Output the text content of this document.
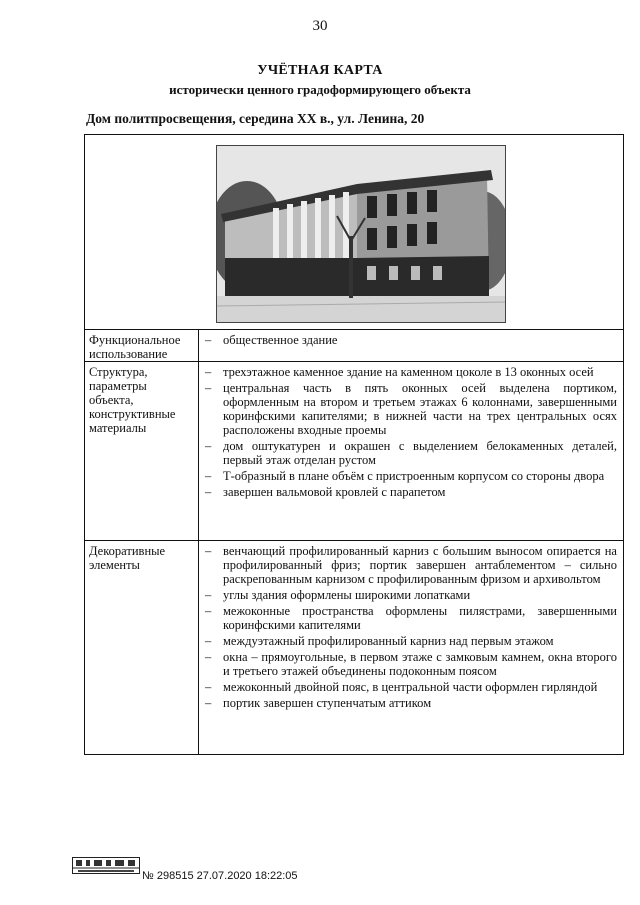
30
УЧЁТНАЯ КАРТА
исторически ценного градоформирующего объекта
Дом политпросвещения, середина XX в., ул. Ленина, 20
Функциональное использование
– общественное здание
Структура, параметры объекта, конструктивные материалы
– трехэтажное каменное здание на каменном цоколе в 13 оконных осей
– центральная часть в пять оконных осей выделена портиком, оформленным на втором и третьем этажах 6 колоннами, завершенными коринфскими капителями; в нижней части на трех центральных осях расположены входные проемы
– дом оштукатурен и окрашен с выделением белокаменных деталей, первый этаж отделан рустом
– Т-образный в плане объём с пристроенным корпусом со стороны двора
– завершен вальмовой кровлей с парапетом
Декоративные элементы
– венчающий профилированный карниз с большим выносом опирается на профилированный фриз; портик завершен антаблементом – сильно раскрепованным карнизом с профилированным фризом и архивольтом
– углы здания оформлены широкими лопатками
– межоконные пространства оформлены пилястрами, завершенными коринфскими капителями
– междуэтажный профилированный карниз над первым этажом
– окна – прямоугольные, в первом этаже с замковым камнем, окна второго и третьего этажей объединены подоконным поясом
– межоконный двойной пояс, в центральной части оформлен гирляндой
– портик завершен ступенчатым аттиком
№ 298515 27.07.2020 18:22:05
